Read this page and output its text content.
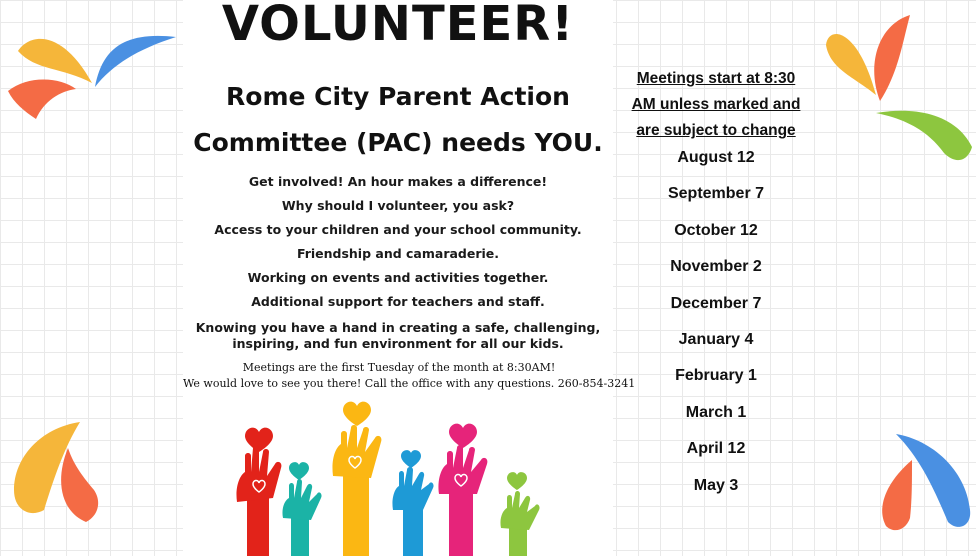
VOLUNTEER!
Rome City Parent Action
Committee (PAC) needs YOU.
Get involved! An hour makes a difference!
Why should I volunteer, you ask?
Access to your children and your school community.
Friendship and camaraderie.
Working on events and activities together.
Additional support for teachers and staff.
Knowing you have a hand in creating a safe, challenging,
inspiring, and fun environment for all our kids.
Meetings are the first Tuesday of the month at 8:30AM!
We would love to see you there! Call the office with any questions. 260-854-3241
Meetings start at 8:30
AM unless marked and
are subject to change
August 12
September 7
October 12
November 2
December 7
January 4
February 1
March 1
April 12
May 3
